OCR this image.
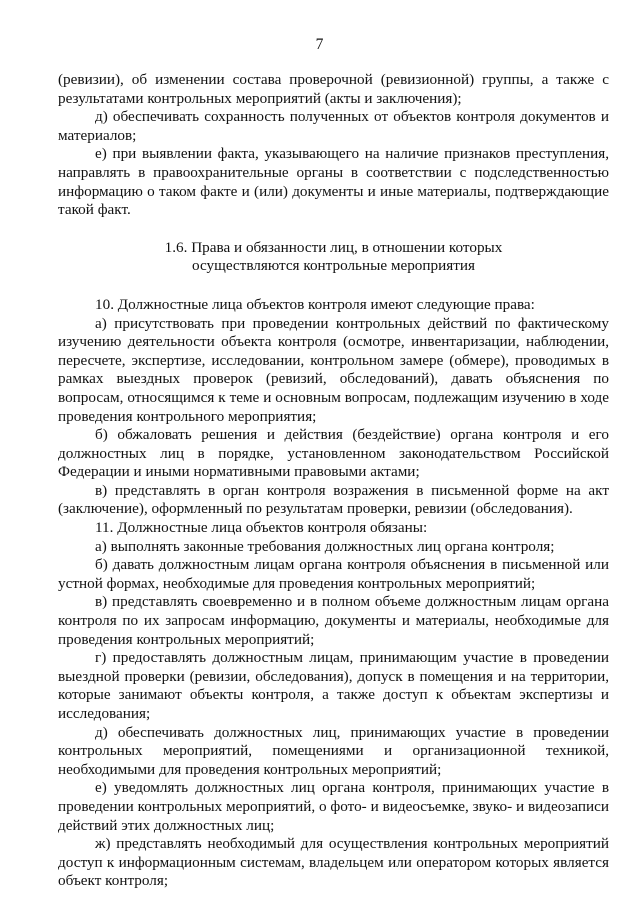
7

(ревизии), об изменении состава проверочной (ревизионной) группы, а также с результатами контрольных мероприятий (акты и заключения);

д) обеспечивать сохранность полученных от объектов контроля документов и материалов;

е) при выявлении факта, указывающего на наличие признаков преступления, направлять в правоохранительные органы в соответствии с подследственностью информацию о таком факте и (или) документы и иные материалы, подтверждающие такой факт.

1.6. Права и обязанности лиц, в отношении которых
осуществляются контрольные мероприятия

10. Должностные лица объектов контроля имеют следующие права:

а) присутствовать при проведении контрольных действий по фактическому изучению деятельности объекта контроля (осмотре, инвентаризации, наблюдении, пересчете, экспертизе, исследовании, контрольном замере (обмере), проводимых в рамках выездных проверок (ревизий, обследований), давать объяснения по вопросам, относящимся к теме и основным вопросам, подлежащим изучению в ходе проведения контрольного мероприятия;

б) обжаловать решения и действия (бездействие) органа контроля и его должностных лиц в порядке, установленном законодательством Российской Федерации и иными нормативными правовыми актами;

в) представлять в орган контроля возражения в письменной форме на акт (заключение), оформленный по результатам проверки, ревизии (обследования).

11. Должностные лица объектов контроля обязаны:

а) выполнять законные требования должностных лиц органа контроля;

б) давать должностным лицам органа контроля объяснения в письменной или устной формах, необходимые для проведения контрольных мероприятий;

в) представлять своевременно и в полном объеме должностным лицам органа контроля по их запросам информацию, документы и материалы, необходимые для проведения контрольных мероприятий;

г) предоставлять должностным лицам, принимающим участие в проведении выездной проверки (ревизии, обследования), допуск в помещения и на территории, которые занимают объекты контроля, а также доступ к объектам экспертизы и исследования;

д) обеспечивать должностных лиц, принимающих участие в проведении контрольных мероприятий, помещениями и организационной техникой, необходимыми для проведения контрольных мероприятий;

е) уведомлять должностных лиц органа контроля, принимающих участие в проведении контрольных мероприятий, о фото- и видеосъемке, звуко- и видеозаписи действий этих должностных лиц;

ж) представлять необходимый для осуществления контрольных мероприятий доступ к информационным системам, владельцем или оператором которых является объект контроля;
